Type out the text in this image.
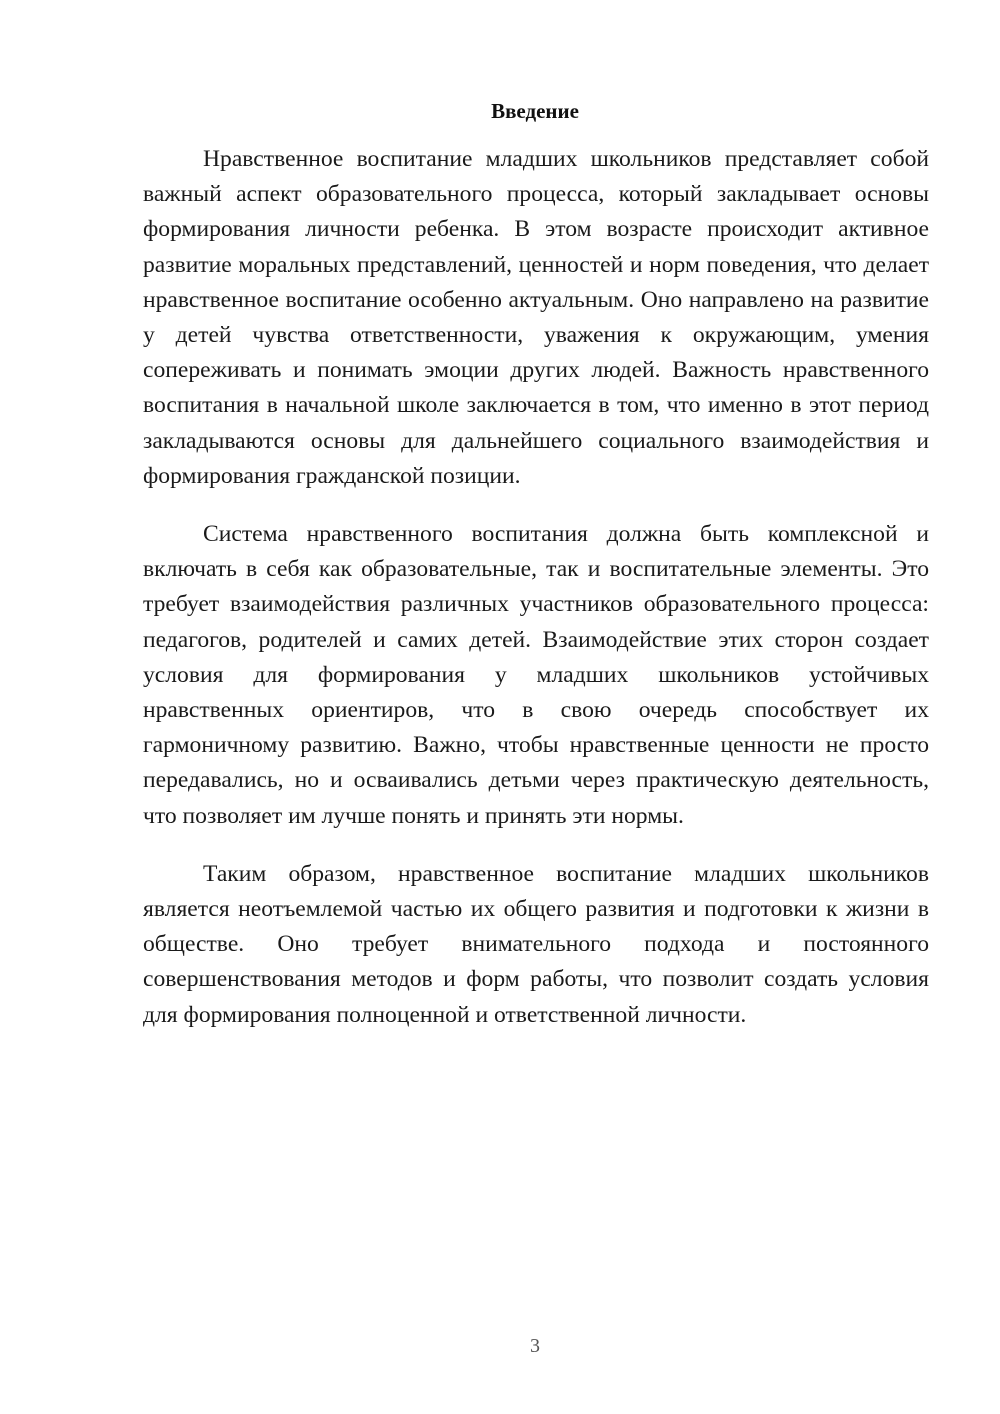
Введение

Нравственное воспитание младших школьников представляет собой важный аспект образовательного процесса, который закладывает основы формирования личности ребенка. В этом возрасте происходит активное развитие моральных представлений, ценностей и норм поведения, что делает нравственное воспитание особенно актуальным. Оно направлено на развитие у детей чувства ответственности, уважения к окружающим, умения сопереживать и понимать эмоции других людей. Важность нравственного воспитания в начальной школе заключается в том, что именно в этот период закладываются основы для дальнейшего социального взаимодействия и формирования гражданской позиции.

Система нравственного воспитания должна быть комплексной и включать в себя как образовательные, так и воспитательные элементы. Это требует взаимодействия различных участников образовательного процесса: педагогов, родителей и самих детей. Взаимодействие этих сторон создает условия для формирования у младших школьников устойчивых нравственных ориентиров, что в свою очередь способствует их гармоничному развитию. Важно, чтобы нравственные ценности не просто передавались, но и осваивались детьми через практическую деятельность, что позволяет им лучше понять и принять эти нормы.

Таким образом, нравственное воспитание младших школьников является неотъемлемой частью их общего развития и подготовки к жизни в обществе. Оно требует внимательного подхода и постоянного совершенствования методов и форм работы, что позволит создать условия для формирования полноценной и ответственной личности.

3
